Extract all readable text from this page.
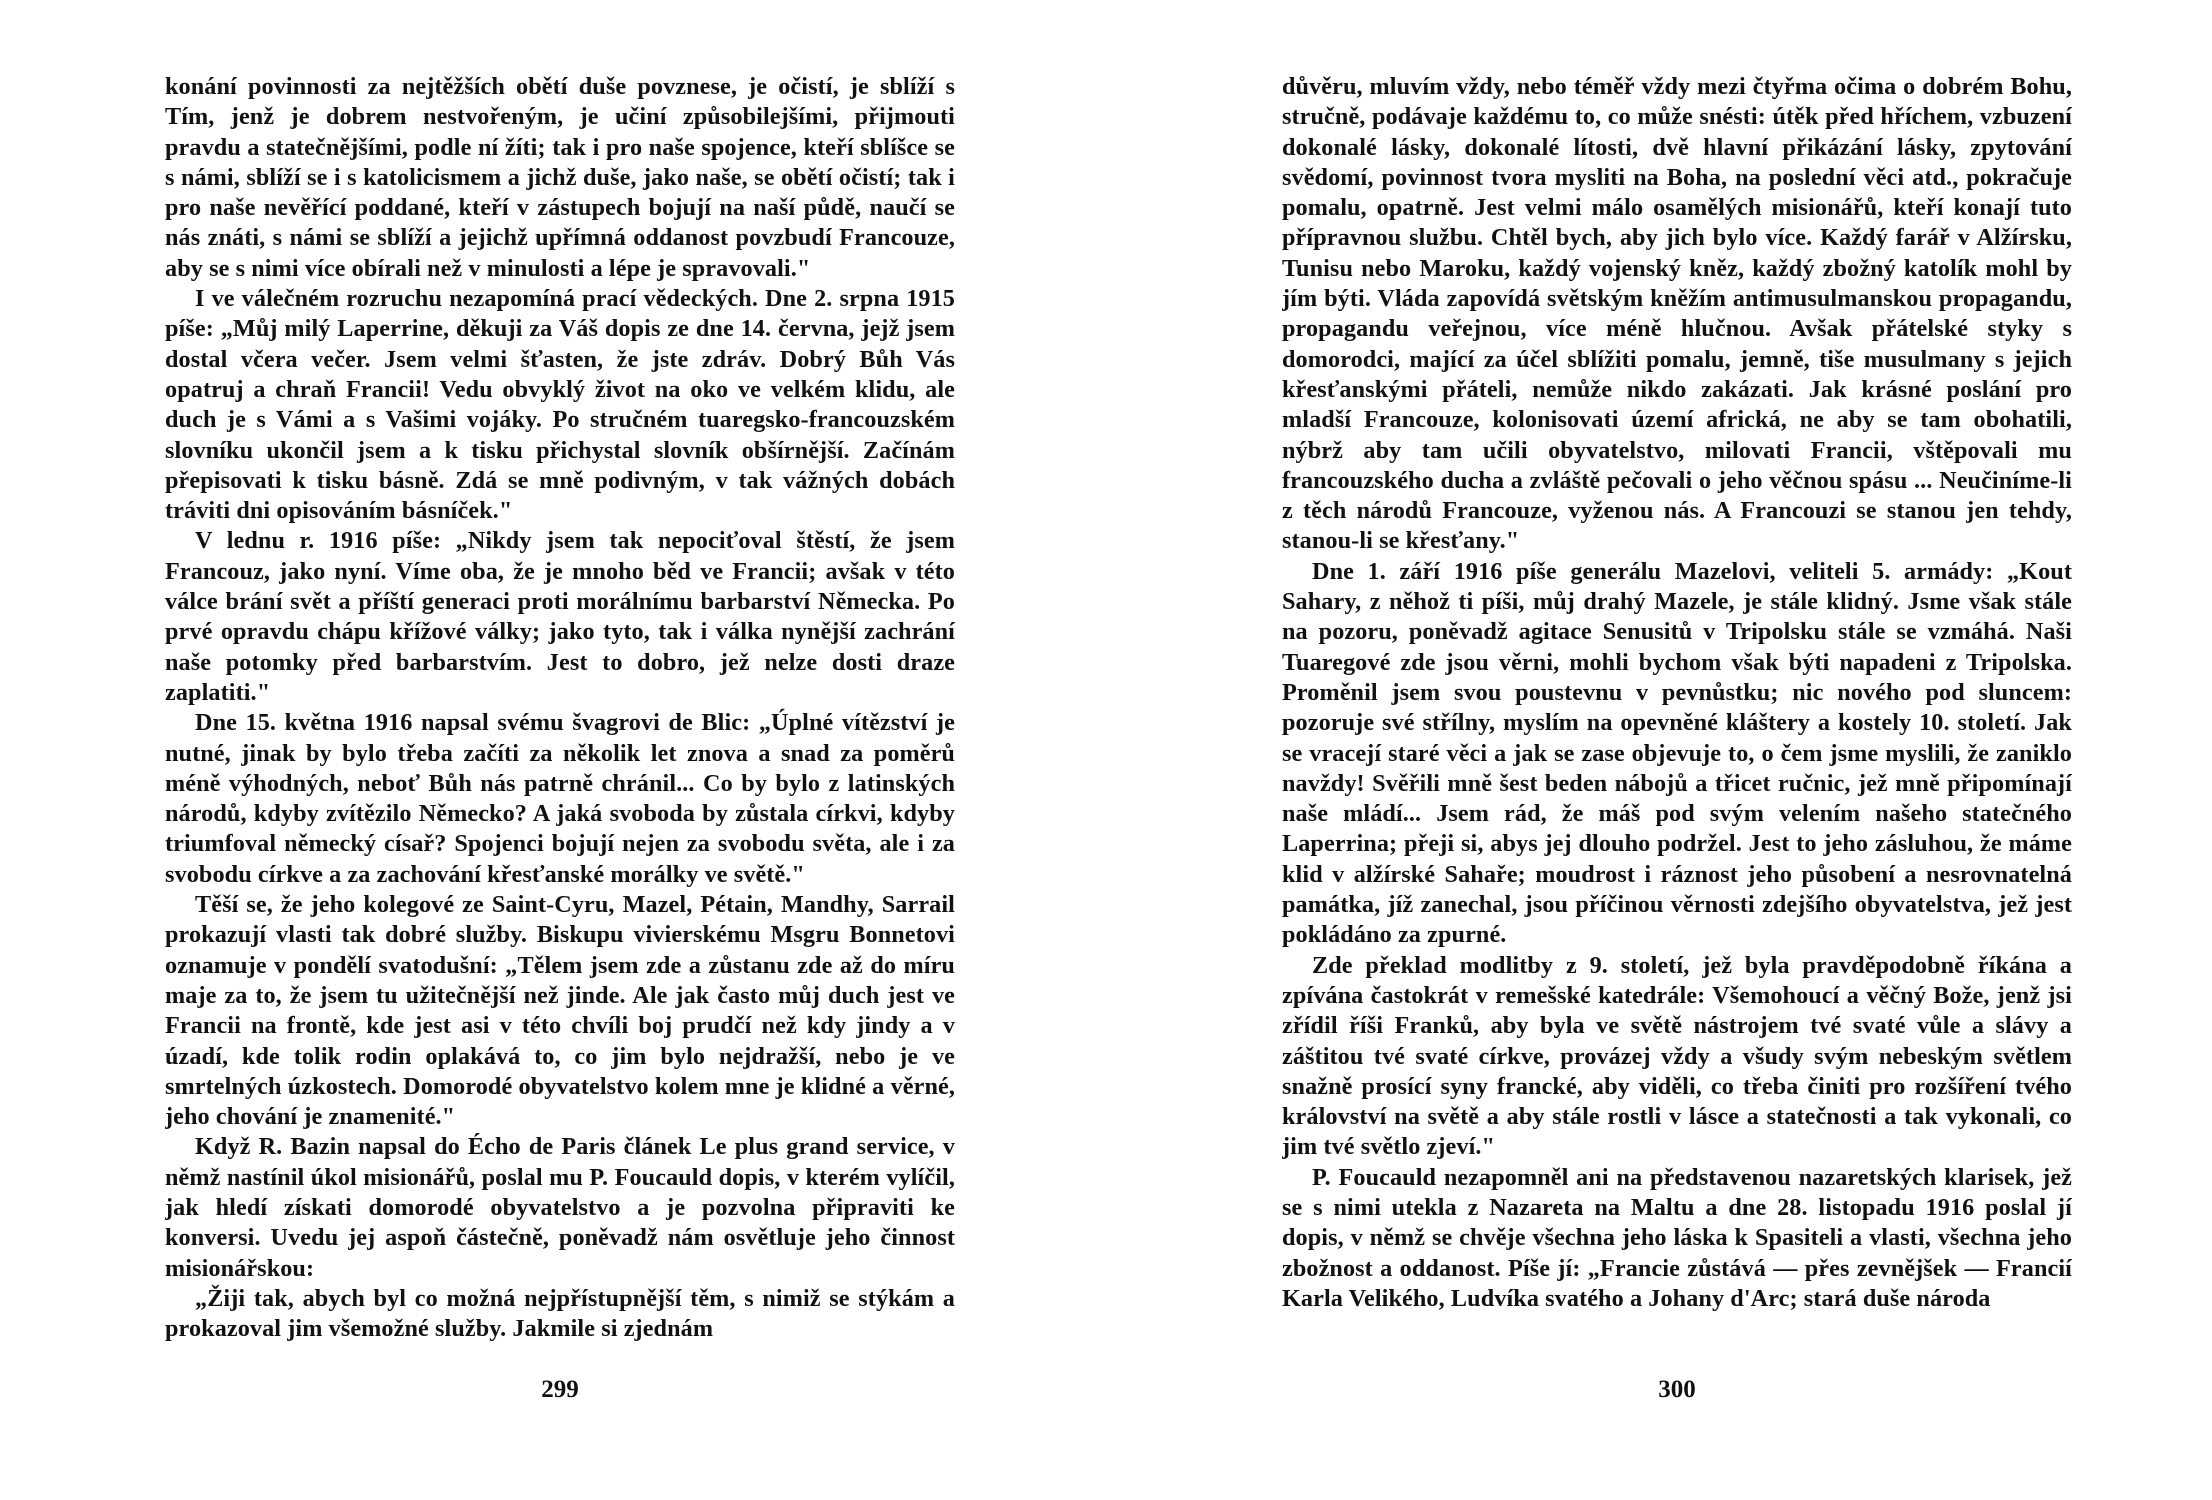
konání povinnosti za nejtěžších obětí duše povznese, je očistí, je sblíží s Tím, jenž je dobrem nestvořeným, je učiní způsobilejšími, přijmouti pravdu a statečnějšími, podle ní žíti; tak i pro naše spojence, kteří sblíšce se s námi, sblíží se i s katolicismem a jichž duše, jako naše, se obětí očistí; tak i pro naše nevěřící poddané, kteří v zástupech bojují na naší půdě, naučí se nás znáti, s námi se sblíží a jejichž upřímná oddanost povzbudí Francouze, aby se s nimi více obírali než v minulosti a lépe je spravovali."

I ve válečném rozruchu nezapomíná prací vědeckých. Dne 2. srpna 1915 píše: „Můj milý Laperrine, děkuji za Váš dopis ze dne 14. června, jejž jsem dostal včera večer. Jsem velmi šťasten, že jste zdráv. Dobrý Bůh Vás opatruj a chraň Francii! Vedu obvyklý život na oko ve velkém klidu, ale duch je s Vámi a s Vašimi vojáky. Po stručném tuaregsko-francouzském slovníku ukončil jsem a k tisku přichystal slovník obšírnější. Začínám přepisovati k tisku básně. Zdá se mně podivným, v tak vážných dobách tráviti dni opisováním básníček."

V lednu r. 1916 píše: „Nikdy jsem tak nepociťoval štěstí, že jsem Francouz, jako nyní. Víme oba, že je mnoho běd ve Francii; avšak v této válce brání svět a příští generaci proti morálnímu barbarství Německa. Po prvé opravdu chápu křížové války; jako tyto, tak i válka nynější zachrání naše potomky před barbarstvím. Jest to dobro, jež nelze dosti draze zaplatiti."

Dne 15. května 1916 napsal svému švagrovi de Blic: „Úplné vítězství je nutné, jinak by bylo třeba začíti za několik let znova a snad za poměrů méně výhodných, neboť Bůh nás patrně chránil... Co by bylo z latinských národů, kdyby zvítězilo Německo? A jaká svoboda by zůstala církvi, kdyby triumfoval německý císař? Spojenci bojují nejen za svobodu světa, ale i za svobodu církve a za zachování křesťanské morálky ve světě."

Těší se, že jeho kolegové ze Saint-Cyru, Mazel, Pétain, Mandhy, Sarrail prokazují vlasti tak dobré služby. Biskupu vivierskému Msgru Bonnetovi oznamuje v pondělí svatodušní: „Tělem jsem zde a zůstanu zde až do míru maje za to, že jsem tu užitečnější než jinde. Ale jak často můj duch jest ve Francii na frontě, kde jest asi v této chvíli boj prudčí než kdy jindy a v úzadí, kde tolik rodin oplakává to, co jim bylo nejdražší, nebo je ve smrtelných úzkostech. Domorodé obyvatelstvo kolem mne je klidné a věrné, jeho chování je znamenité."

Když R. Bazin napsal do Écho de Paris článek Le plus grand service, v němž nastínil úkol misionářů, poslal mu P. Foucauld dopis, v kterém vylíčil, jak hledí získati domorodé obyvatelstvo a je pozvolna připraviti ke konversi. Uvedu jej aspoň částečně, poněvadž nám osvětluje jeho činnost misionářskou:

„Žiji tak, abych byl co možná nejpřístupnější těm, s nimiž se stýkám a prokazoval jim všemožné služby. Jakmile si zjednám

299

důvěru, mluvím vždy, nebo téměř vždy mezi čtyřma očima o dobrém Bohu, stručně, podávaje každému to, co může snésti: útěk před hříchem, vzbuzení dokonalé lásky, dokonalé lítosti, dvě hlavní přikázání lásky, zpytování svědomí, povinnost tvora mysliti na Boha, na poslední věci atd., pokračuje pomalu, opatrně. Jest velmi málo osamělých misionářů, kteří konají tuto přípravnou službu. Chtěl bych, aby jich bylo více. Každý farář v Alžírsku, Tunisu nebo Maroku, každý vojenský kněz, každý zbožný katolík mohl by jím býti. Vláda zapovídá světským kněžím antimusulmanskou propagandu, propagandu veřejnou, více méně hlučnou. Avšak přátelské styky s domorodci, mající za účel sblížiti pomalu, jemně, tiše musulmany s jejich křesťanskými přáteli, nemůže nikdo zakázati. Jak krásné poslání pro mladší Francouze, kolonisovati území africká, ne aby se tam obohatili, nýbrž aby tam učili obyvatelstvo, milovati Francii, vštěpovali mu francouzského ducha a zvláště pečovali o jeho věčnou spásu ... Neučiníme-li z těch národů Francouze, vyženou nás. A Francouzi se stanou jen tehdy, stanou-li se křesťany."

Dne 1. září 1916 píše generálu Mazelovi, veliteli 5. armády: „Kout Sahary, z něhož ti píši, můj drahý Mazele, je stále klidný. Jsme však stále na pozoru, poněvadž agitace Senusitů v Tripolsku stále se vzmáhá. Naši Tuaregové zde jsou věrni, mohli bychom však býti napadeni z Tripolska. Proměnil jsem svou poustevnu v pevnůstku; nic nového pod sluncem: pozoruje své střílny, myslím na opevněné kláštery a kostely 10. století. Jak se vracejí staré věci a jak se zase objevuje to, o čem jsme myslili, že zaniklo navždy! Svěřili mně šest beden nábojů a třicet ručnic, jež mně připomínají naše mládí... Jsem rád, že máš pod svým velením našeho statečného Laperrina; přeji si, abys jej dlouho podržel. Jest to jeho zásluhou, že máme klid v alžírské Sahaře; moudrost i ráznost jeho působení a nesrovnatelná památka, jíž zanechal, jsou příčinou věrnosti zdejšího obyvatelstva, jež jest pokládáno za zpurné.

Zde překlad modlitby z 9. století, jež byla pravděpodobně říkána a zpívána častokrát v remešské katedrále: Všemohoucí a věčný Bože, jenž jsi zřídil říši Franků, aby byla ve světě nástrojem tvé svaté vůle a slávy a záštitou tvé svaté církve, provázej vždy a všudy svým nebeským světlem snažně prosící syny francké, aby viděli, co třeba činiti pro rozšíření tvého království na světě a aby stále rostli v lásce a statečnosti a tak vykonali, co jim tvé světlo zjeví."

P. Foucauld nezapomněl ani na představenou nazaretských klarisek, jež se s nimi utekla z Nazareta na Maltu a dne 28. listopadu 1916 poslal jí dopis, v němž se chvěje všechna jeho láska k Spasiteli a vlasti, všechna jeho zbožnost a oddanost. Píše jí: „Francie zůstává — přes zevnějšek — Francií Karla Velikého, Ludvíka svatého a Johany d'Arc; stará duše národa

300
